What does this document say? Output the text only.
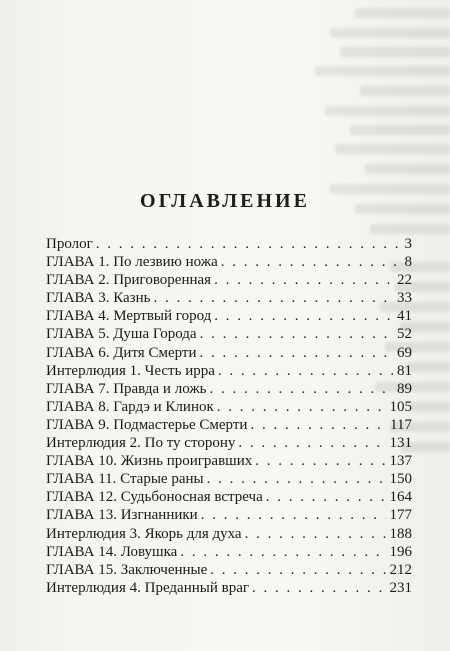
ОГЛАВЛЕНИЕ
Пролог . . .	3
ГЛАВА 1. По лезвию ножа . . .	8
ГЛАВА 2. Приговоренная . . .	22
ГЛАВА 3. Казнь . . .	33
ГЛАВА 4. Мертвый город . . .	41
ГЛАВА 5. Душа Города . . .	52
ГЛАВА 6. Дитя Смерти . . .	69
Интерлюдия 1. Честь ирра . . .	81
ГЛАВА 7. Правда и ложь . . .	89
ГЛАВА 8. Гардэ и Клинок . . .	105
ГЛАВА 9. Подмастерье Смерти . . .	117
Интерлюдия 2. По ту сторону . . .	131
ГЛАВА 10. Жизнь проигравших . . .	137
ГЛАВА 11. Старые раны . . .	150
ГЛАВА 12. Судьбоносная встреча . . .	164
ГЛАВА 13. Изгнанники . . .	177
Интерлюдия 3. Якорь для духа . . .	188
ГЛАВА 14. Ловушка . . .	196
ГЛАВА 15. Заключенные . . .	212
Интерлюдия 4. Преданный враг . . .	231
